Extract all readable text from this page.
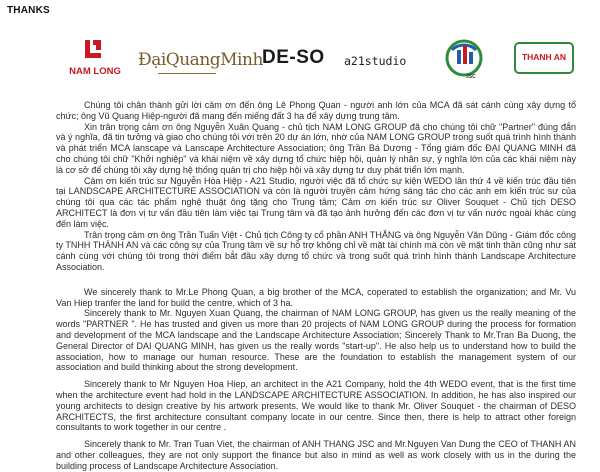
THANKS
NAM LONG
ĐạiQuangMinh DE-SO	a21studio
JSC
THANH AN

Chúng tôi chân thành gửi lời cảm ơn đến ông Lê Phong Quan - người anh lớn của MCA đã sát cánh cùng xây dựng tổ chức; ông Vũ Quang Hiệp-người đã mang đến miếng đất 3 ha để xây dựng trung tâm.

Xin trân trọng cảm ơn ông Nguyễn Xuân Quang - chủ tịch NAM LONG GROUP đã cho chúng tôi chữ "Partner" đúng đắn và ý nghĩa, đã tin tưởng và giao cho chúng tôi với trên 20 dự án lớn, nhờ của NAM LONG GROUP trong suốt quá trình hình thành và phát triển MCA lanscape và Lanscape Architecture Association; ông Trần Bá Dương - Tổng giám đốc ĐẠI QUANG MINH đã cho chúng tôi chữ "Khởi nghiệp" và khái niệm về xây dựng tổ chức hiệp hội, quản lý nhân sự, ý nghĩa lớn của các khái niệm này là cơ sở để chúng tôi xây dựng hệ thống quản trị cho hiệp hội và xây dựng tư duy phát triển lớn mạnh.

Cảm ơn kiến trúc sư Nguyễn Hòa Hiệp - A21 Studio, người việc đã tổ chức sự kiện WEDO lần thứ 4 về kiến trúc đầu tiên tại LANDSCAPE ARCHITECTURE ASSOCIATION và còn là người truyền cảm hứng sáng tác cho các anh em kiến trúc sư của chúng tôi qua các tác phẩm nghệ thuật ông tặng cho Trung tâm; Cảm ơn kiến trúc sư Oliver Souquet - Chủ tịch DESO ARCHITECT là đơn vị tư vấn đầu tiên làm việc tại Trung tâm và đã tạo ảnh hưởng đến các đơn vị tư vấn nước ngoài khác cùng đến làm việc.

Trân trọng cảm ơn ông Trần Tuấn Việt - Chủ tịch Công ty cổ phần ANH THẮNG và ông Nguyễn Văn Dũng - Giám đốc công ty TNHH THÀNH AN và các công sự của Trung tâm về sự hỗ trợ không chỉ về mặt tài chính mà còn về mặt tinh thần cũng như sát cánh cùng với chúng tôi trong thời điểm bắt đầu xây dựng tổ chức và trong suốt quá trình hình thành Landscape Architecture Association.

We sincerely thank to Mr.Le Phong Quan, a big brother of the MCA, coperated to establish the organization; and Mr. Vu Van Hiep tranfer the land for build the centre, which of 3 ha.

Sincerely thank to Mr. Nguyen Xuan Quang, the chairman of NAM LONG GROUP, has given us the really meaning of the words "PARTNER ". He has trusted and given us more than 20 projects of NAM LONG GROUP during the process for formation and development of the MCA landscape and the Landscape Architecture Association; Sincerely Thank to Mr.Tran Ba Duong, the General Director of DAI QUANG MINH, has given us the really words "start-up". He also help us to understand how to build the association, how to manage our human resource. These are the foundation to establish the management system of our association and build thinking about the strong development.

Sincerely thank to Mr Nguyen Hoa Hiep, an architect in the A21 Company, hold the 4th WEDO event, that is the first time when the architecture event had hold in the LANDSCAPE ARCHITECTURE ASSOCIATION. In addition, he has also inspired our young architects to design creative by his artwork presents. We would like to thank Mr. Oliver Souquet - the chairman of DESO ARCHITECTS, the first architecture consultant company locate in our centre. Since then, there is help to attract other foreign consultants to work together in our centre .

Sincerely thank to Mr. Tran Tuan Viet, the chairman of ANH THANG JSC and Mr.Nguyen Van Dung the CEO of THANH AN and other colleagues, they are not only support the finance but also in mind as well as work closely with us in the during the building process of Landscape Architecture Association.
